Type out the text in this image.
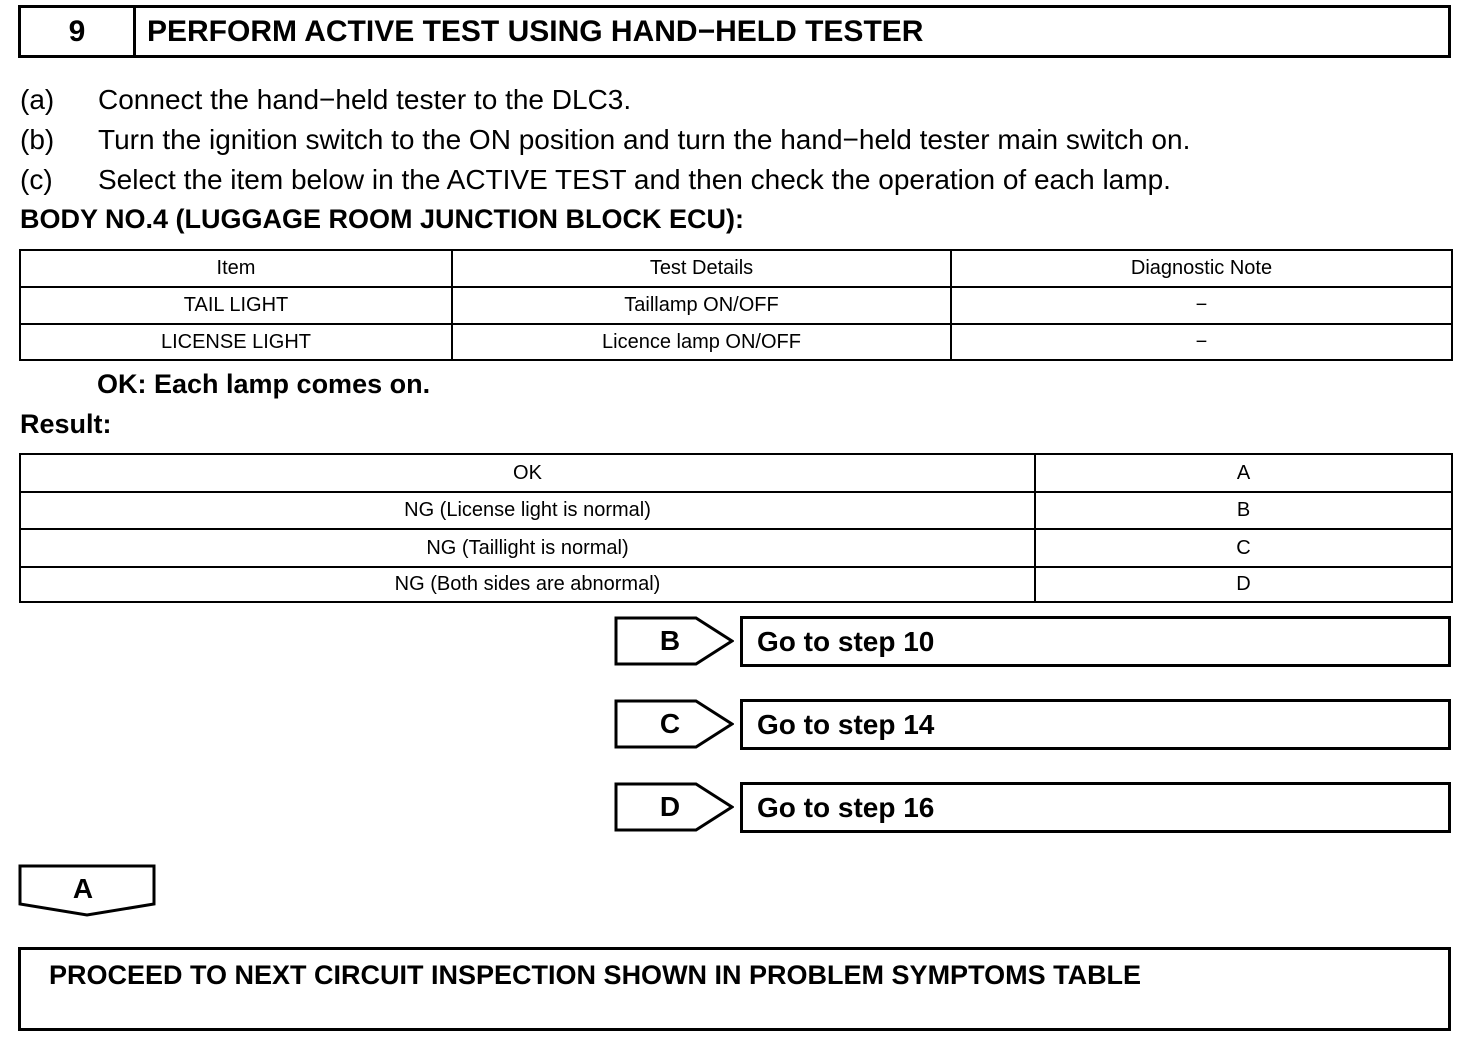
9	PERFORM ACTIVE TEST USING HAND−HELD TESTER
(a) Connect the hand−held tester to the DLC3.
(b) Turn the ignition switch to the ON position and turn the hand−held tester main switch on.
(c) Select the item below in the ACTIVE TEST and then check the operation of each lamp.
BODY NO.4 (LUGGAGE ROOM JUNCTION BLOCK ECU):
Item	Test Details	Diagnostic Note
TAIL LIGHT	Taillamp ON/OFF	−
LICENSE LIGHT	Licence lamp ON/OFF	−
OK: Each lamp comes on.
Result:
OK	A
NG (License light is normal)	B
NG (Taillight is normal)	C
NG (Both sides are abnormal)	D
B	Go to step 10
C	Go to step 14
D	Go to step 16
A
PROCEED TO NEXT CIRCUIT INSPECTION SHOWN IN PROBLEM SYMPTOMS TABLE
